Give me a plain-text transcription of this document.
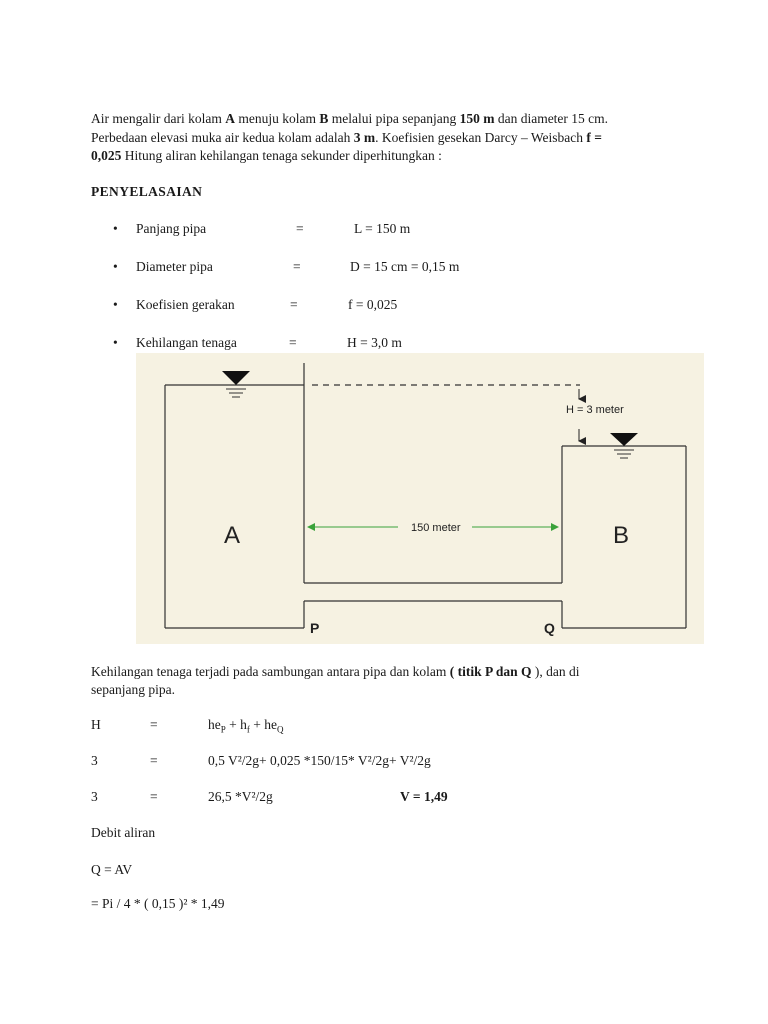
Air mengalir dari kolam A menuju kolam B melalui pipa sepanjang 150 m dan diameter 15 cm.
Perbedaan elevasi muka air kedua kolam adalah 3 m. Koefisien gesekan Darcy – Weisbach f =
0,025 Hitung aliran kehilangan tenaga sekunder diperhitungkan :
PENYELASAIAN
• Panjang pipa	=	L = 150 m
• Diameter pipa	=	D = 15 cm = 0,15 m
• Koefisien gerakan	=	f = 0,025
• Kehilangan tenaga	=	H = 3,0 m
H = 3 meter
150 meter
A	B
P	Q
Kehilangan tenaga terjadi pada sambungan antara pipa dan kolam ( titik P dan Q ), dan di
sepanjang pipa.
H	=	$he_P + h_f + he_Q$
3	=	0,5 V²/2g+ 0,025 *150/15* V²/2g+ V²/2g
3	=	26,5 *V²/2g	V = 1,49
Debit aliran
Q = AV
= Pi / 4 * ( 0,15 )² * 1,49
